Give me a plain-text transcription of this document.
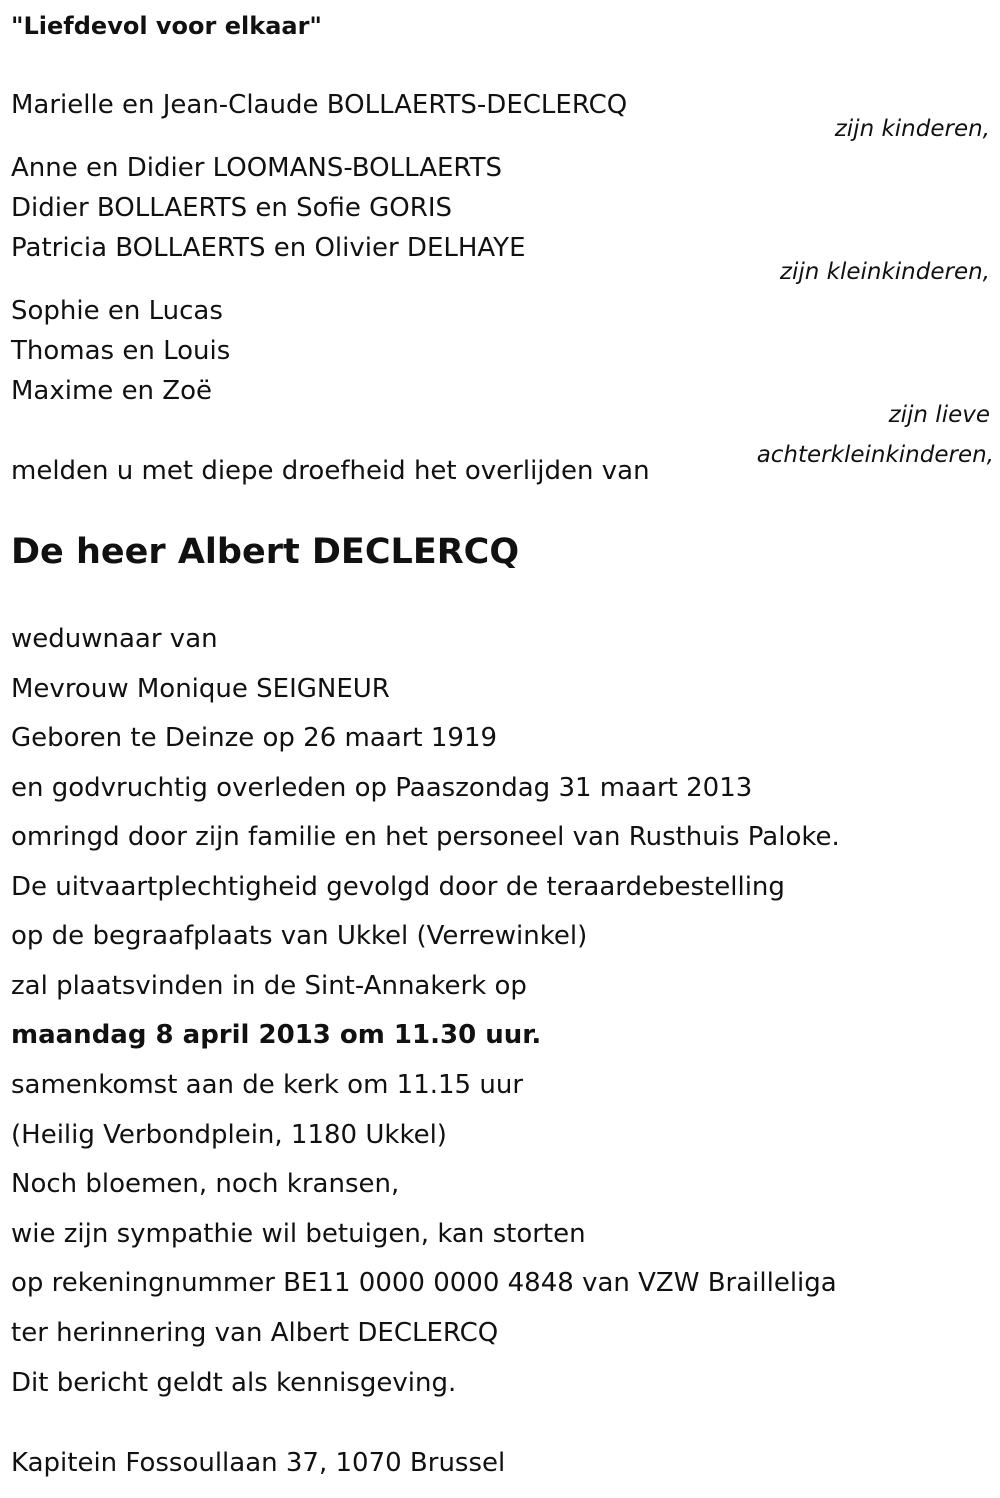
"Liefdevol voor elkaar"
Marielle en Jean-Claude BOLLAERTS-DECLERCQ
zijn kinderen,
Anne en Didier LOOMANS-BOLLAERTS
Didier BOLLAERTS en Sofie GORIS
Patricia BOLLAERTS en Olivier DELHAYE
zijn kleinkinderen,
Sophie en Lucas
Thomas en Louis
Maxime en Zoë
zijn lieve
achterkleinkinderen,
melden u met diepe droefheid het overlijden van
De heer Albert DECLERCQ
weduwnaar van
Mevrouw Monique SEIGNEUR
Geboren te Deinze op 26 maart 1919
en godvruchtig overleden op Paaszondag 31 maart 2013
omringd door zijn familie en het personeel van Rusthuis Paloke.
De uitvaartplechtigheid gevolgd door de teraardebestelling
op de begraafplaats van Ukkel (Verrewinkel)
zal plaatsvinden in de Sint-Annakerk op
maandag 8 april 2013 om 11.30 uur.
samenkomst aan de kerk om 11.15 uur
(Heilig Verbondplein, 1180 Ukkel)
Noch bloemen, noch kransen,
wie zijn sympathie wil betuigen, kan storten
op rekeningnummer BE11 0000 0000 4848 van VZW Brailleliga
ter herinnering van Albert DECLERCQ
Dit bericht geldt als kennisgeving.
Kapitein Fossoullaan 37, 1070 Brussel
